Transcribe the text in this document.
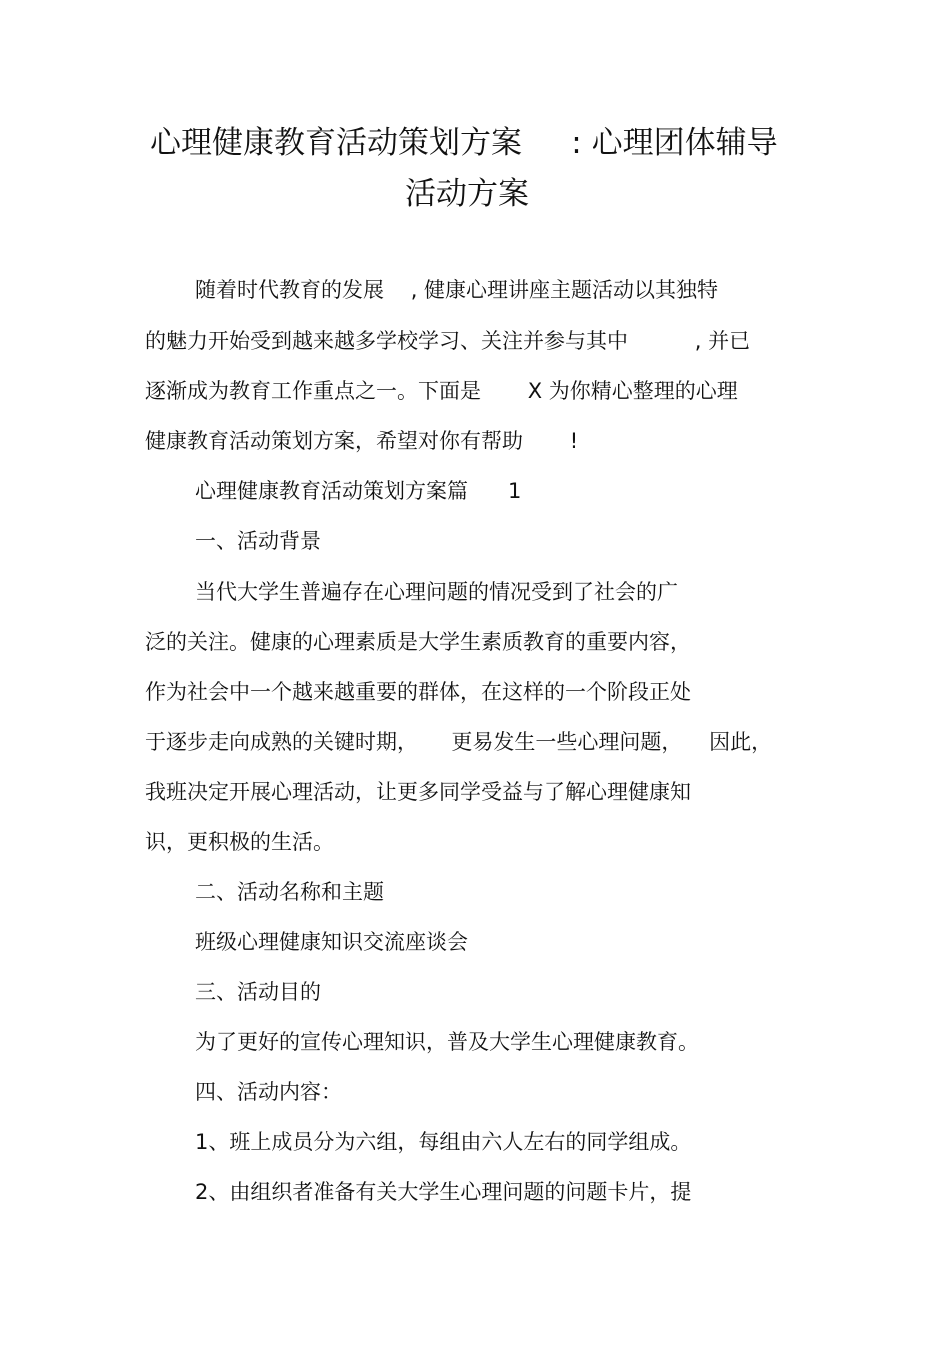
心理健康教育活动策划方案     : 心理团体辅导
活动方案
随着时代教育的发展    , 健康心理讲座主题活动以其独特
的魅力开始受到越来越多学校学习、关注并参与其中          , 并已
逐渐成为教育工作重点之一。下面是       X 为你精心整理的心理
健康教育活动策划方案，希望对你有帮助       !
心理健康教育活动策划方案篇      1
一、活动背景
当代大学生普遍存在心理问题的情况受到了社会的广
泛的关注。健康的心理素质是大学生素质教育的重要内容，
作为社会中一个越来越重要的群体，在这样的一个阶段正处
于逐步走向成熟的关键时期，     更易发生一些心理问题，    因此，
我班决定开展心理活动，让更多同学受益与了解心理健康知
识，更积极的生活。
二、活动名称和主题
班级心理健康知识交流座谈会
三、活动目的
为了更好的宣传心理知识，普及大学生心理健康教育。
四、活动内容：
1、班上成员分为六组，每组由六人左右的同学组成。
2、由组织者准备有关大学生心理问题的问题卡片，提
